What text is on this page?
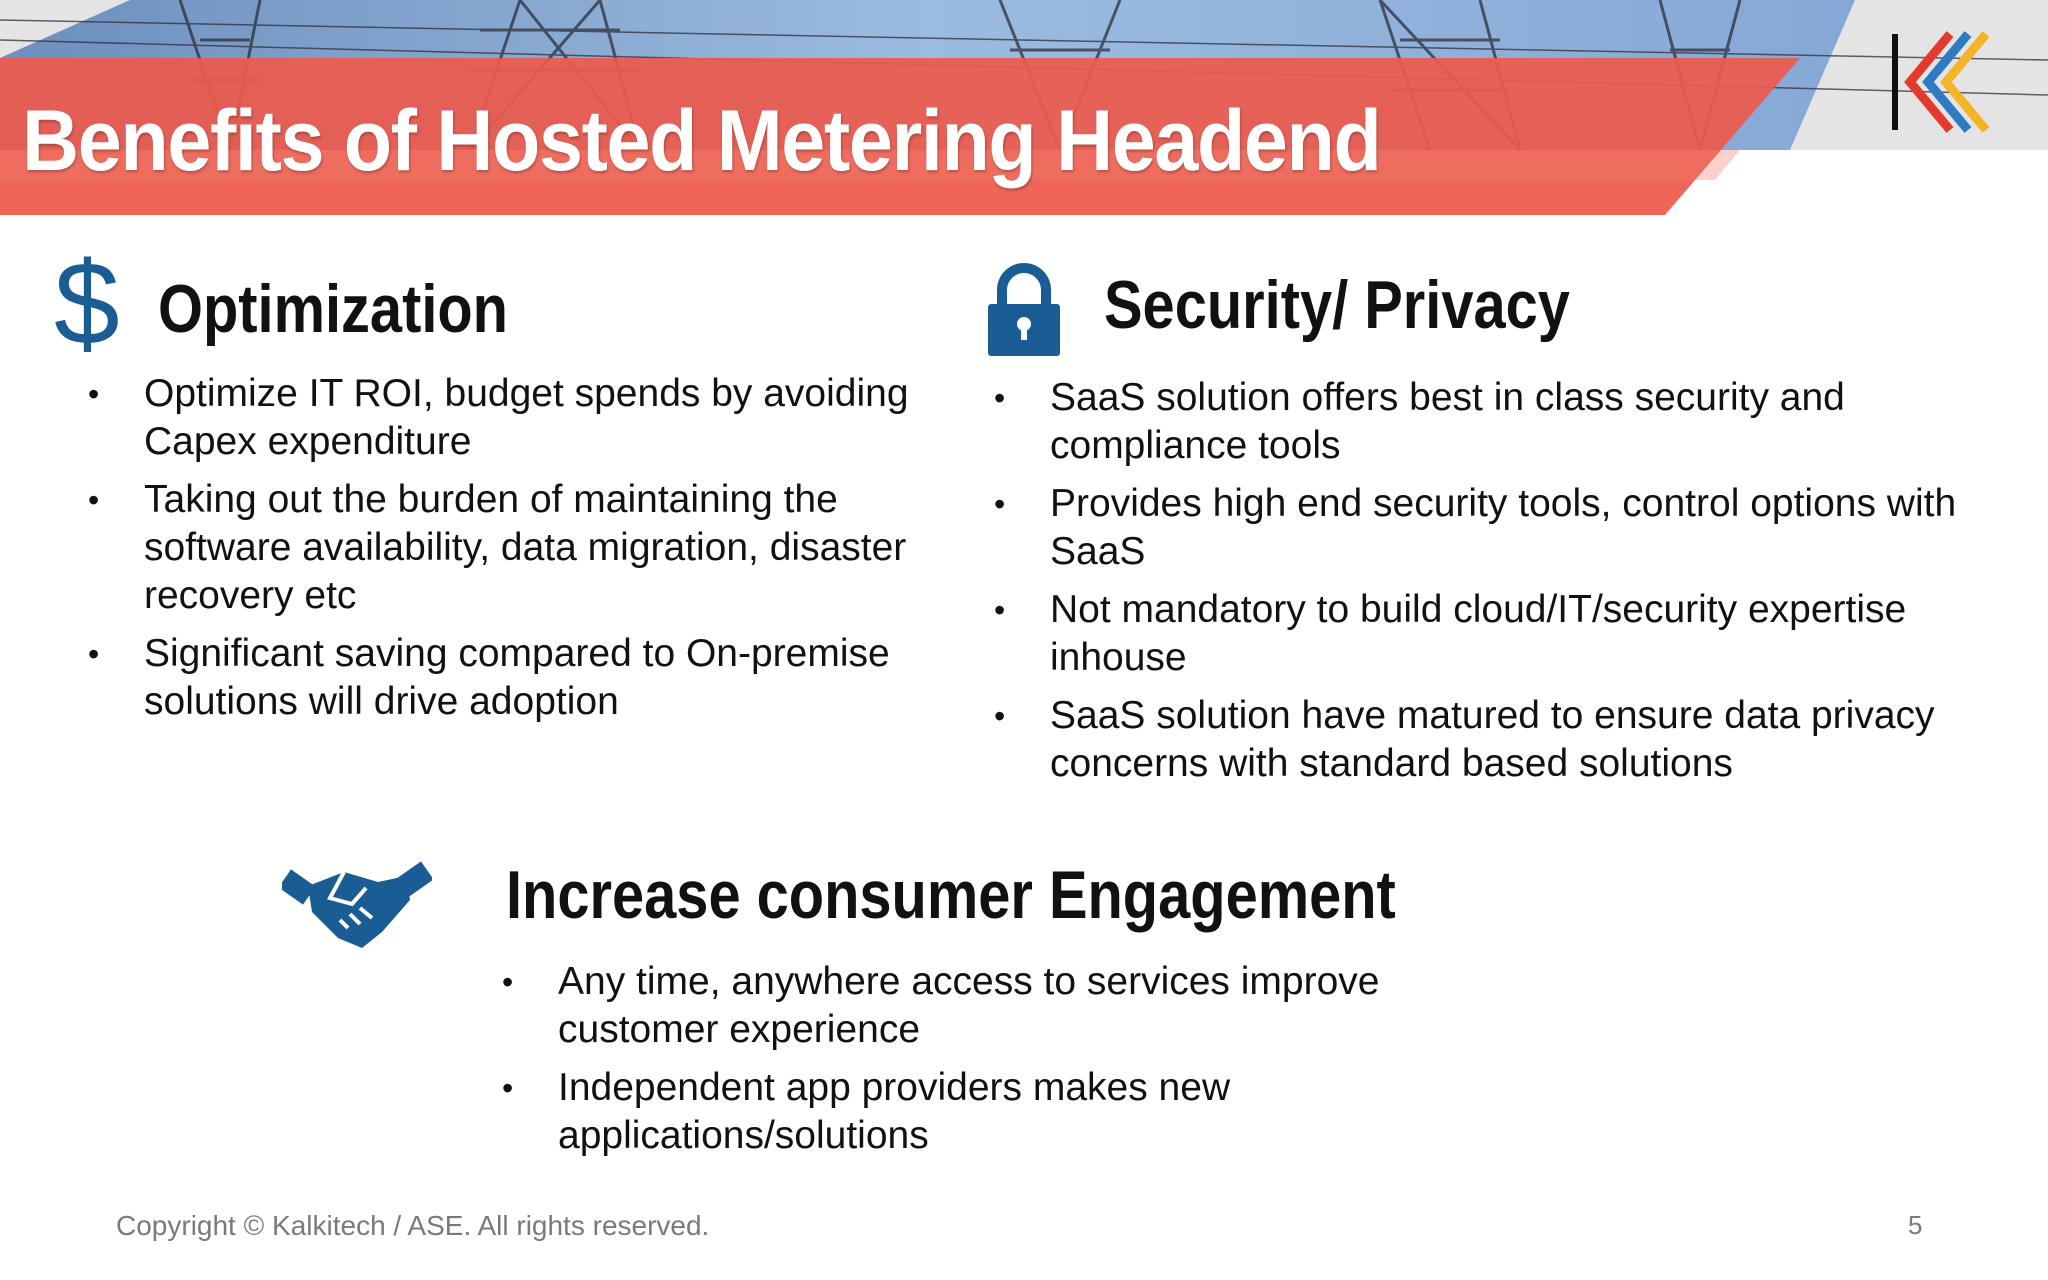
Benefits of Hosted Metering Headend
$ Optimization
• Optimize IT ROI, budget spends by avoiding Capex expenditure
• Taking out the burden of maintaining the software availability, data migration, disaster recovery etc
• Significant saving compared to On-premise solutions will drive adoption
Security/ Privacy
• SaaS solution offers best in class security and compliance tools
• Provides high end security tools, control options with SaaS
• Not mandatory to build cloud/IT/security expertise inhouse
• SaaS solution have matured to ensure data privacy concerns with standard based solutions
Increase consumer Engagement
• Any time, anywhere access to services improve customer experience
• Independent app providers makes new applications/solutions
Copyright © Kalkitech / ASE. All rights reserved.	5
